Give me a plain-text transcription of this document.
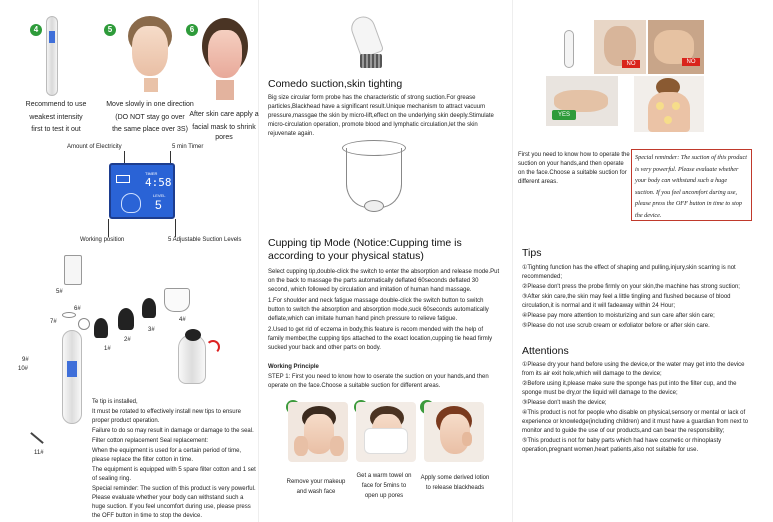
4
Recommend to use
weakest intensity
first to test it out
5
Move slowly in one direction
(DO NOT stay go over
the same place over 3S)
6
After skin care apply a
facial mask to shrink pores
Amount of Electricity	5 min Timer
TIMER
4:58
LEVEL
5
Working position	5 Adjustable Suction Levels
5#
6#
7#
1#
2#
3#
4#
9#
10#
11#
Te tip is installed,
It must be rotated to effectively install new tips to ensure proper product operation.
Failure to do so may result in damage or damage to the seal.
Filter cotton replacement Seal replacement:
When the equipment is used for a certain period of time, please replace the filter cotton in time.
The equipment is equipped with 5 spare filter cotton and 1 set of sealing ring.
Special reminder: The suction of this product is very powerful. Please evaluate whether your body can withstand such a huge suction. If you feel uncomfort during use, please press the OFF button in time to stop the device.
Comedo suction,skin tighting
Big size circular form probe has the characteristic of strong suction.For grease particles,Blackhead have a significant result.Unique mechanism to attract vacuum pressure,massgae the skin by micro-lift,effect on the underlying skin deeply.Stimulate micro-circulation operation, promote blood and lymphatic circulation,let the skin rejuvenate again.
Cupping tip Mode (Notice:Cupping time is according to your physical status)
Select cupping tip,double-click the switch to enter the absorption and release mode.Put on the back to massage the parts automatically deflated 60seconds deflated 30 second, which followed by circulation and imitation of human hand massage.
1.For shoulder and neck fatigue massage double-click the switch button to switch button to switch the absorption and absorption mode,suck 60seconds automatically deflate,which can imitate human hand pinch pressure to relieve fatigue.
2.Used to get rid of eczema in body,this feature is recom mended with the help of family member,the cupping tips attached to the exact location,cupping tie head firmly sucked your back and other parts on body.
Working Principle
STEP 1: First you need to know how to oserate the suction on your hands,and then operate on the face.Choose a suitable suction for different areas.
Remove your makeup
and wash face
Get a warm towel on
face for 5mins to
open up pores
Apply some derived lotion
to release blackheads
NO	NO
YES
First you need to know how to operate the suction on your hands,and then operate on the face.Choose a suitable suction for different areas.
Special reminder: The suction of this product is very powerful. Please evaluate whether your body can withstand such a huge suction. If you feel uncomfort during use, please press the OFF button in time to stop the device.
Tips
①Tighting function has the effect of shaping and pulling,injury,skin scarring is not recommended;
②Please don't press the probe firmly on your skin,the machine has strong suction;
③After skin care,the skin may feel a little tingling and flushed because of blood circulation,it is normal and it will fadeaway within 24 Hour;
④Please pay more attention to moisturizing and sun care after skin care;
⑤Please do not use scrub cream or exfoliator before or after skin care.
Attentions
①Please dry your hand before using the device,or the water may get into the device from its air exit hole,which will damage to the device;
②Before using it,please make sure the sponge has put into the filter cup, and the sponge must be dry,or the liquid will damage to the device;
③Please don't wash the device;
④This product is not for people who disable on physical,sensory or mental or lack of experience or knowledge(including children) and it must have a guardian from next to monitor and to guide the use of our products,and can bear the responsibility;
⑤This product is not for baby parts which had have cosmetic or rhinoplasty operation,pregnant women,heart patients,also not suitable for use.
